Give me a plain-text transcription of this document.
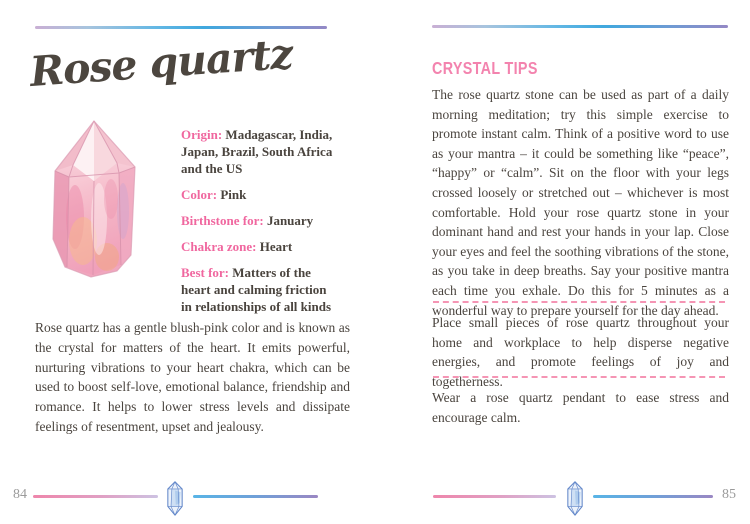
Rose quartz
Origin: Madagascar, India, Japan, Brazil, South Africa and the US
Color: Pink
Birthstone for: January
Chakra zone: Heart
Best for: Matters of the heart and calming friction in relationships of all kinds
Rose quartz has a gentle blush-pink color and is known as the crystal for matters of the heart. It emits powerful, nurturing vibrations to your heart chakra, which can be used to boost self-love, emotional balance, friendship and romance. It helps to lower stress levels and dissipate feelings of resentment, upset and jealousy.
84
CRYSTAL TIPS
The rose quartz stone can be used as part of a daily morning meditation; try this simple exercise to promote instant calm. Think of a positive word to use as your mantra – it could be something like “peace”, “happy” or “calm”. Sit on the floor with your legs crossed loosely or stretched out – whichever is most comfortable. Hold your rose quartz stone in your dominant hand and rest your hands in your lap. Close your eyes and feel the soothing vibrations of the stone, as you take in deep breaths. Say your positive mantra each time you exhale. Do this for 5 minutes as a wonderful way to prepare yourself for the day ahead.
Place small pieces of rose quartz throughout your home and workplace to help disperse negative energies, and promote feelings of joy and togetherness.
Wear a rose quartz pendant to ease stress and encourage calm.
85
